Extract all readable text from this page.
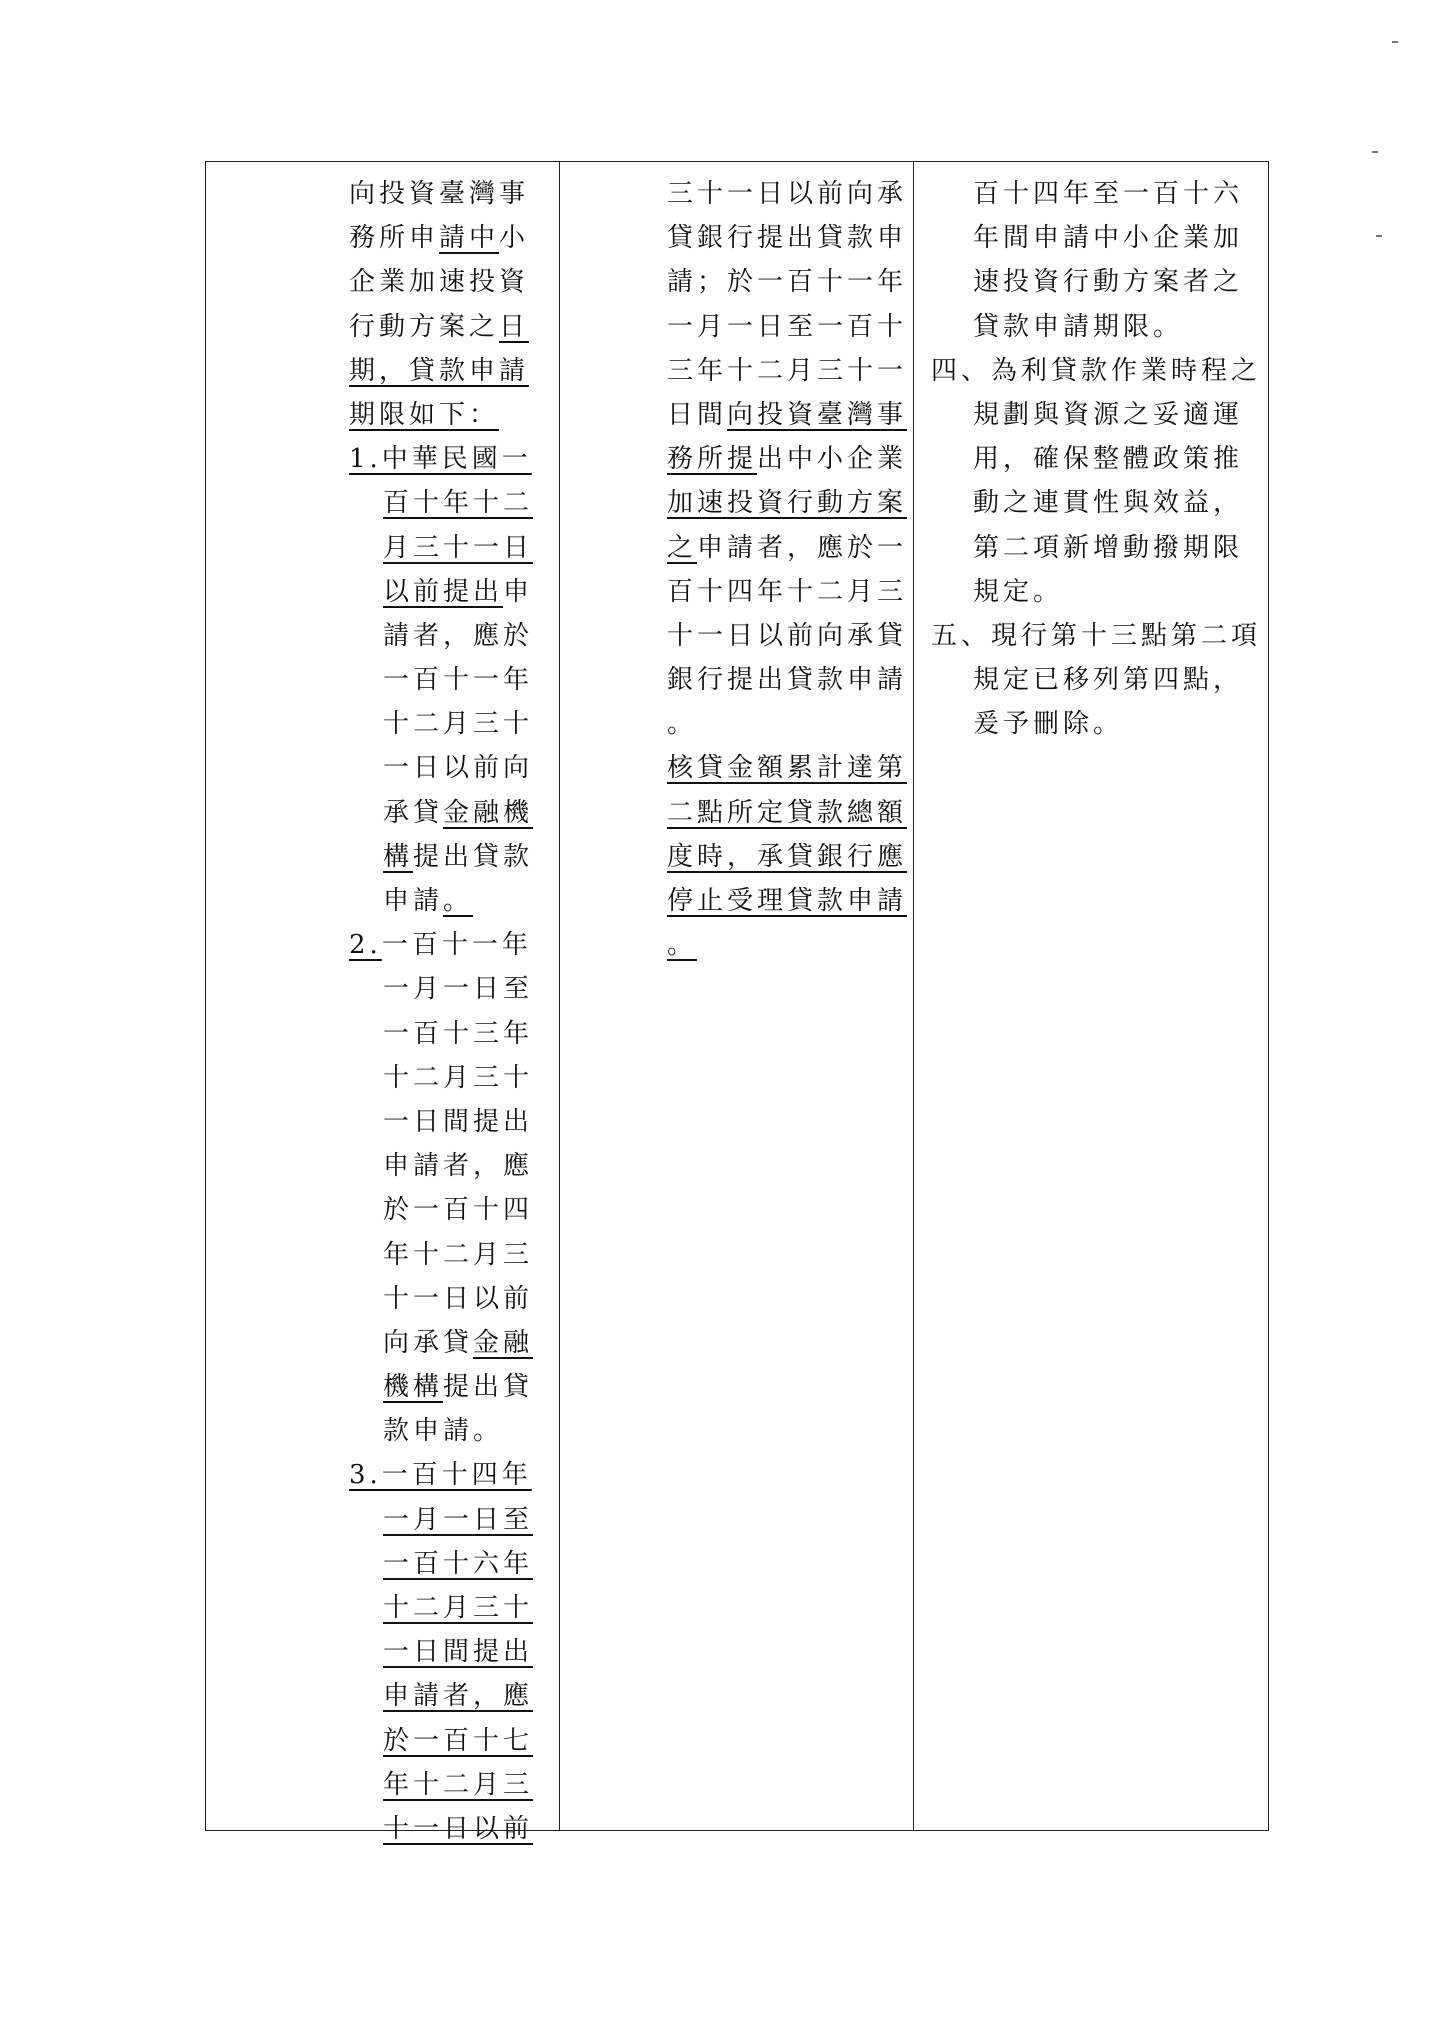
向投資臺灣事
務所申請中小
企業加速投資
行動方案之日
期，貸款申請
期限如下：
1.中華民國一
百十年十二
月三十一日
以前提出申
請者，應於
一百十一年
十二月三十
一日以前向
承貸金融機
構提出貸款
申請。
2.一百十一年
一月一日至
一百十三年
十二月三十
一日間提出
申請者，應
於一百十四
年十二月三
十一日以前
向承貸金融
機構提出貸
款申請。
3.一百十四年
一月一日至
一百十六年
十二月三十
一日間提出
申請者，應
於一百十七
年十二月三
十一日以前
三十一日以前向承
貸銀行提出貸款申
請；於一百十一年
一月一日至一百十
三年十二月三十一
日間向投資臺灣事
務所提出中小企業
加速投資行動方案
之申請者，應於一
百十四年十二月三
十一日以前向承貸
銀行提出貸款申請
。
核貸金額累計達第
二點所定貸款總額
度時，承貸銀行應
停止受理貸款申請
。
百十四年至一百十六
年間申請中小企業加
速投資行動方案者之
貸款申請期限。
四、為利貸款作業時程之
規劃與資源之妥適運
用，確保整體政策推
動之連貫性與效益，
第二項新增動撥期限
規定。
五、現行第十三點第二項
規定已移列第四點，
爰予刪除。
